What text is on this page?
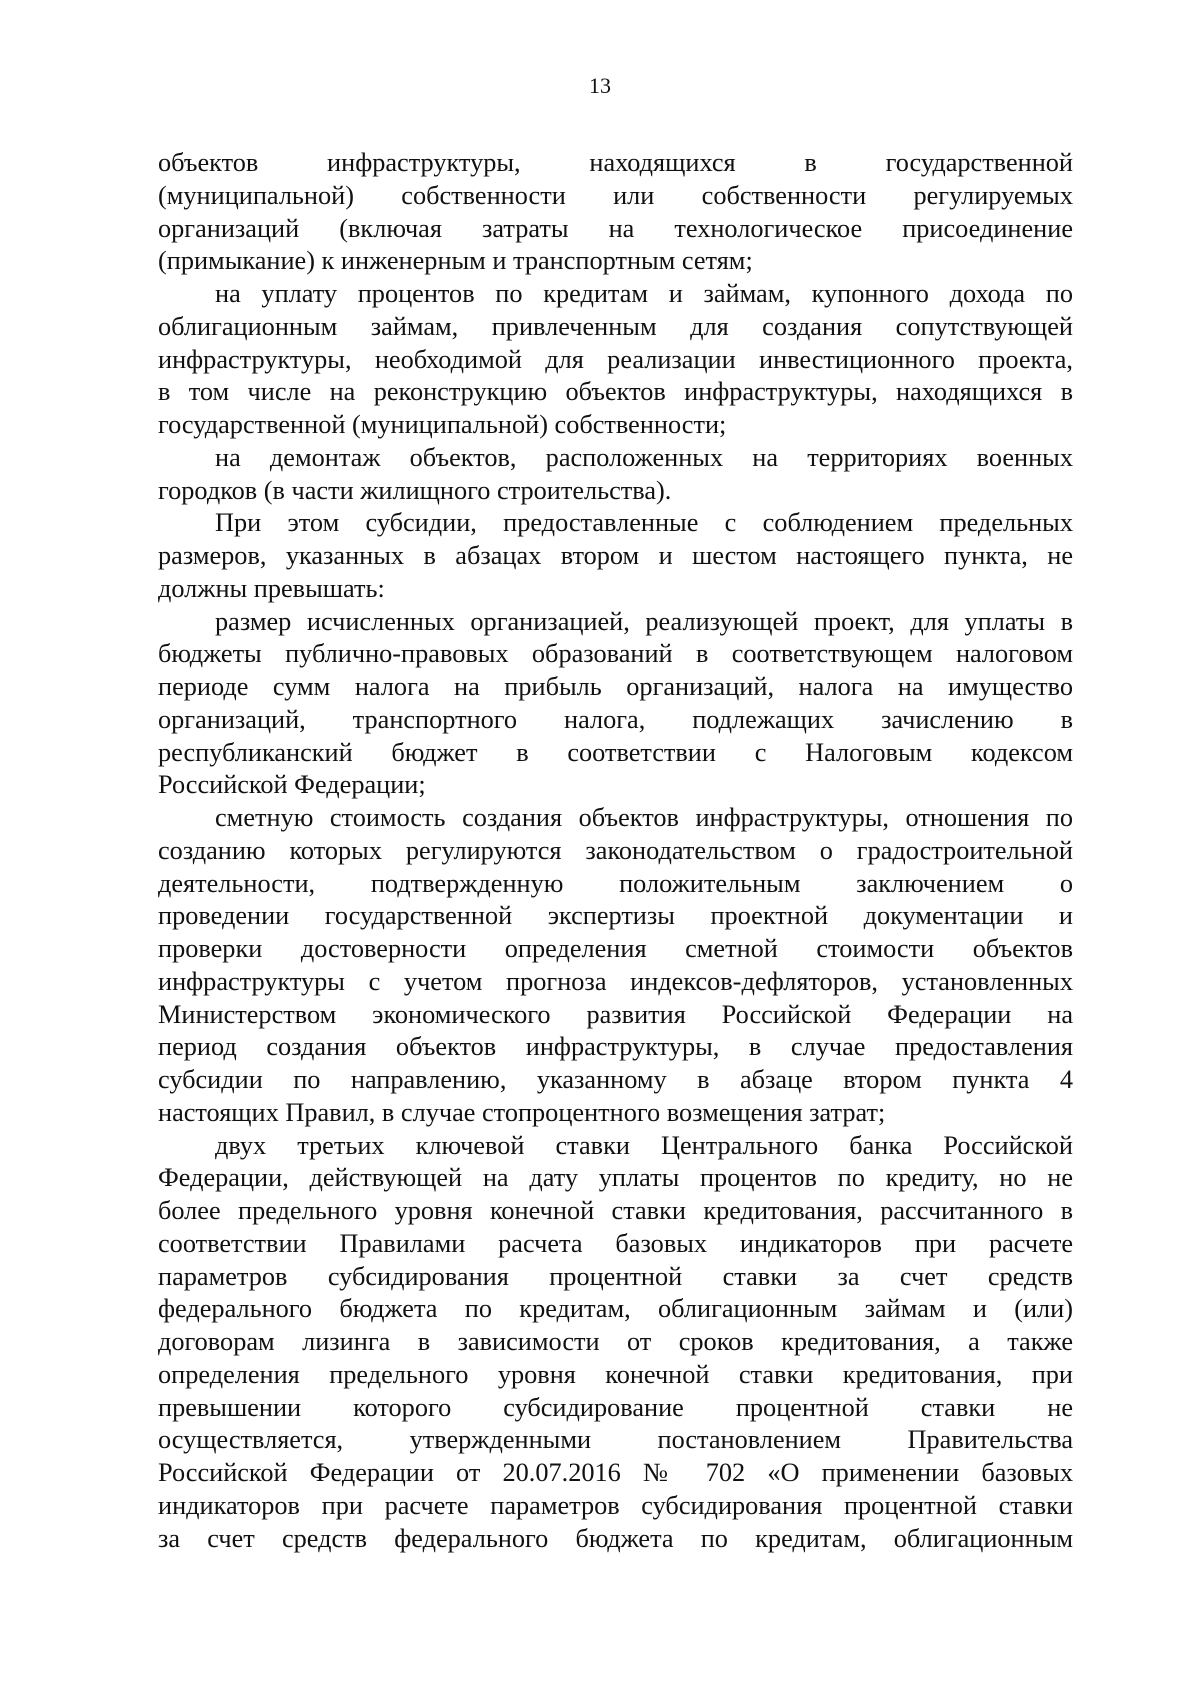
13
объектов инфраструктуры, находящихся в государственной
(муниципальной) собственности или собственности регулируемых
организаций (включая затраты на технологическое присоединение
(примыкание) к инженерным и транспортным сетям;
на уплату процентов по кредитам и займам, купонного дохода по
облигационным займам, привлеченным для создания сопутствующей
инфраструктуры, необходимой для реализации инвестиционного проекта,
в том числе на реконструкцию объектов инфраструктуры, находящихся в
государственной (муниципальной) собственности;
на демонтаж объектов, расположенных на территориях военных
городков (в части жилищного строительства).
При этом субсидии, предоставленные с соблюдением предельных
размеров, указанных в абзацах втором и шестом настоящего пункта, не
должны превышать:
размер исчисленных организацией, реализующей проект, для уплаты в
бюджеты публично-правовых образований в соответствующем налоговом
периоде сумм налога на прибыль организаций, налога на имущество
организаций, транспортного налога, подлежащих зачислению в
республиканский бюджет в соответствии с Налоговым кодексом
Российской Федерации;
сметную стоимость создания объектов инфраструктуры, отношения по
созданию которых регулируются законодательством о градостроительной
деятельности, подтвержденную положительным заключением о
проведении государственной экспертизы проектной документации и
проверки достоверности определения сметной стоимости объектов
инфраструктуры с учетом прогноза индексов-дефляторов, установленных
Министерством экономического развития Российской Федерации на
период создания объектов инфраструктуры, в случае предоставления
субсидии по направлению, указанному в абзаце втором пункта 4
настоящих Правил, в случае стопроцентного возмещения затрат;
двух третьих ключевой ставки Центрального банка Российской
Федерации, действующей на дату уплаты процентов по кредиту, но не
более предельного уровня конечной ставки кредитования, рассчитанного в
соответствии Правилами расчета базовых индикаторов при расчете
параметров субсидирования процентной ставки за счет средств
федерального бюджета по кредитам, облигационным займам и (или)
договорам лизинга в зависимости от сроков кредитования, а также
определения предельного уровня конечной ставки кредитования, при
превышении которого субсидирование процентной ставки не
осуществляется, утвержденными постановлением Правительства
Российской Федерации от 20.07.2016 № 702 «О применении базовых
индикаторов при расчете параметров субсидирования процентной ставки
за счет средств федерального бюджета по кредитам, облигационным
